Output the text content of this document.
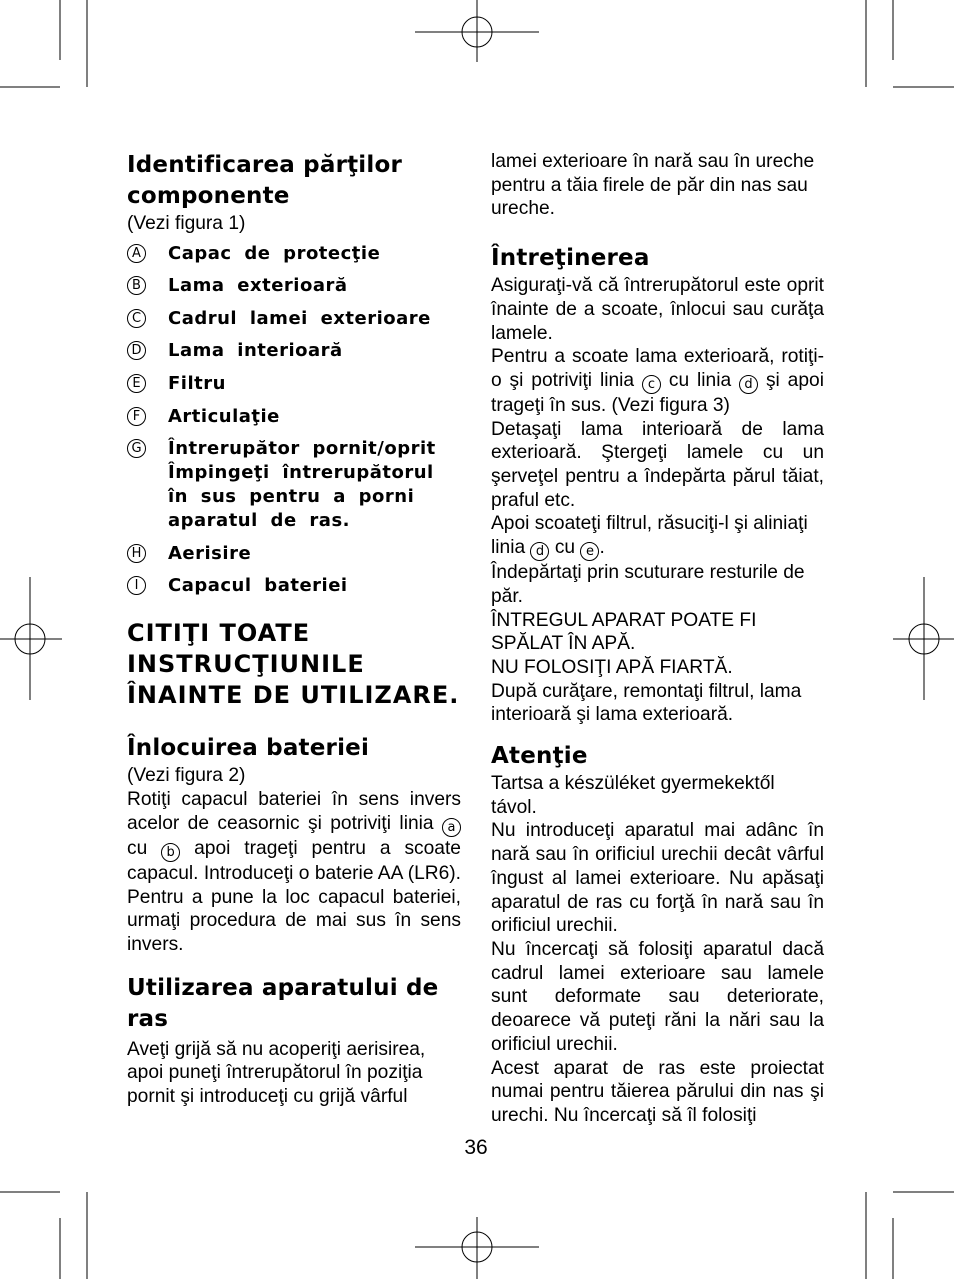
Identificarea părţilor componente

(Vezi figura 1)

A Capac de protecţie
B Lama exterioară
C Cadrul lamei exterioare
D Lama interioară
E Filtru
F	Articulaţie
G Întrerupător pornit/oprit Împingeţi întrerupătorul în sus pentru a porni aparatul de ras.
H Aerisire
I	Capacul bateriei
CITIŢI TOATE INSTRUCŢIUNILE ÎNAINTE DE UTILIZARE.
Înlocuirea bateriei

(Vezi figura 2)

Rotiţi capacul bateriei în sens invers acelor de ceasornic şi potriviţi linia a cu b apoi trageţi pentru a scoate capacul. Introduceţi o baterie AA (LR6). Pentru a pune la loc capacul bateriei, urmaţi procedura de mai sus în sens invers.

Utilizarea aparatului de ras

Aveţi grijă să nu acoperiţi aerisirea, apoi puneţi întrerupătorul în poziţia pornit şi introduceţi cu grijă vârful

lamei exterioare în nară sau în ureche pentru a tăia firele de păr din nas sau ureche.

Întreţinerea

Asiguraţi-vă că întrerupătorul este oprit înainte de a scoate, înlocui sau curăţa lamele.

Pentru a scoate lama exterioară, rotiţi-o şi potriviţi linia c cu linia d şi apoi trageţi în sus. (Vezi figura 3)

Detaşaţi lama interioară de lama exterioară. Ştergeţi lamele cu un şerveţel pentru a îndepărta părul tăiat, praful etc.

Apoi scoateţi filtrul, răsuciţi-l şi aliniaţi linia d cu e .

Îndepărtaţi prin scuturare resturile de păr.

ÎNTREGUL APARAT POATE FI SPĂLAT ÎN APĂ.

NU FOLOSIŢI APĂ FIARTĂ.

După curăţare, remontaţi filtrul, lama interioară şi lama exterioară.

Atenţie

Tartsa a készüléket gyermekektől távol.

Nu introduceţi aparatul mai adânc în nară sau în orificiul urechii decât vârful îngust al lamei exterioare. Nu apăsaţi aparatul de ras cu forţă în nară sau în orificiul urechii.

Nu încercaţi să folosiţi aparatul dacă cadrul lamei exterioare sau lamele sunt deformate sau deteriorate, deoarece vă puteţi răni la nări sau la orificiul urechii.

Acest aparat de ras este proiectat numai pentru tăierea părului din nas şi urechi. Nu încercaţi să îl folosiţi

36
